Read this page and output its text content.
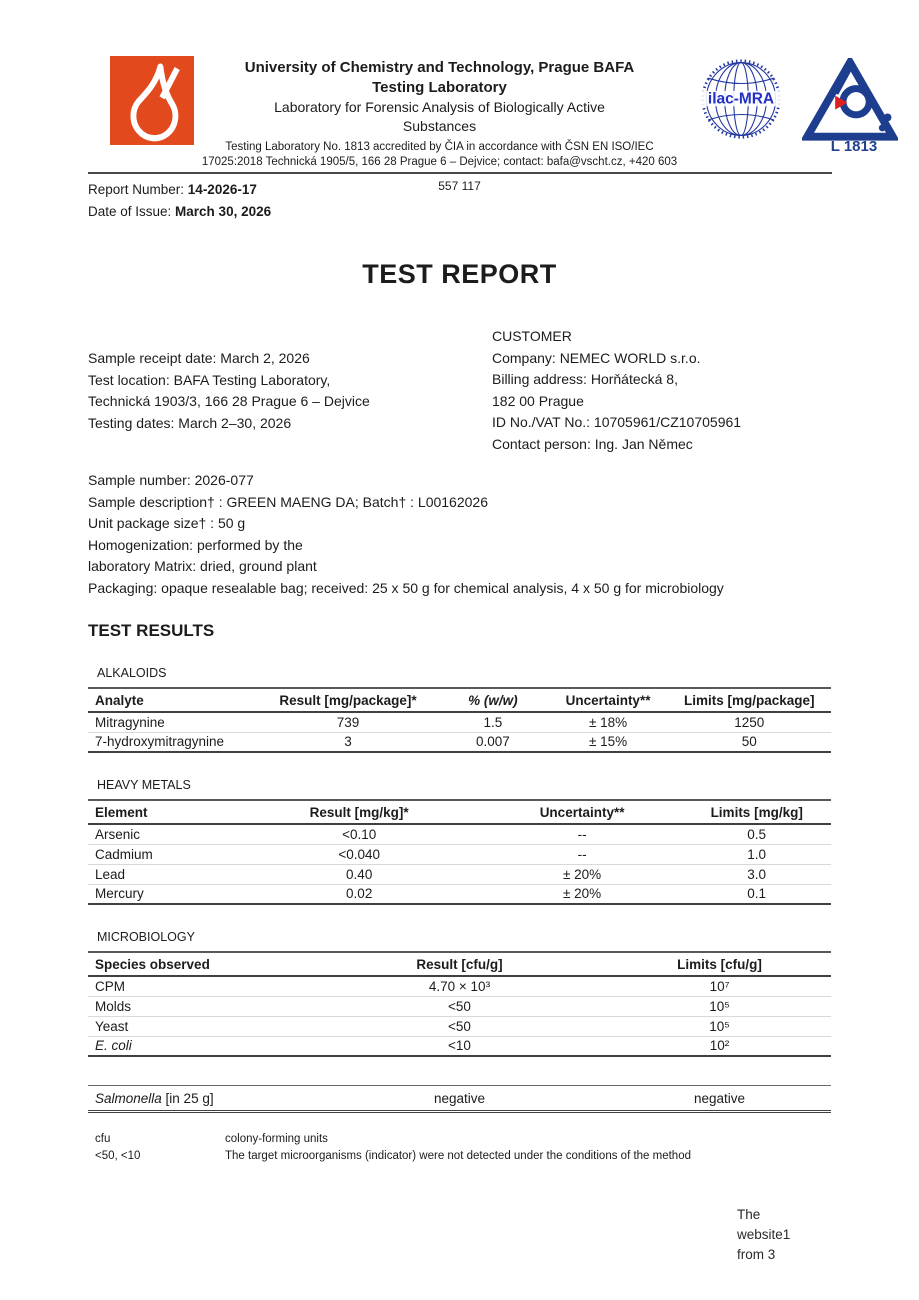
University of Chemistry and Technology, Prague BAFA
Testing Laboratory
Laboratory for Forensic Analysis of Biologically Active Substances
Testing Laboratory No. 1813 accredited by ČIA in accordance with ČSN EN ISO/IEC
17025:2018 Technická 1905/5, 166 28 Prague 6 – Dejvice; contact: bafa@vscht.cz, +420 603
ilac-MRA
L 1813
557 117
Report Number: 14-2026-17
Date of Issue: March 30, 2026
TEST REPORT
Sample receipt date: March 2, 2026
Test location: BAFA Testing Laboratory,
Technická 1903/3, 166 28 Prague 6 – Dejvice
Testing dates: March 2–30, 2026
CUSTOMER
Company: NEMEC WORLD s.r.o.
Billing address: Horňátecká 8,
182 00 Prague
ID No./VAT No.: 10705961/CZ10705961
Contact person: Ing. Jan Němec
Sample number: 2026-077
Sample description† : GREEN MAENG DA; Batch† : L00162026
Unit package size† : 50 g
Homogenization: performed by the
laboratory Matrix: dried, ground plant
Packaging: opaque resealable bag; received: 25 x 50 g for chemical analysis, 4 x 50 g for microbiology
TEST RESULTS
ALKALOIDS
Analyte	Result [mg/package]*	% (w/w)	Uncertainty**	Limits [mg/package]
Mitragynine	739	1.5	± 18%	1250
7-hydroxymitragynine	3	0.007	± 15%	50
HEAVY METALS
Element	Result [mg/kg]*	Uncertainty**	Limits [mg/kg]
Arsenic	<0.10	--	0.5
Cadmium	<0.040	--	1.0
Lead	0.40	± 20%	3.0
Mercury	0.02	± 20%	0.1
MICROBIOLOGY
Species observed	Result [cfu/g]	Limits [cfu/g]
CPM	4.70 × 10³	10⁷
Molds	<50	10⁵
Yeast	<50	10⁵
E. coli	<10	10²
Salmonella [in 25 g]	negative	negative
cfu	colony-forming units
<50, <10	The target microorganisms (indicator) were not detected under the conditions of the method
The
website1
from 3
